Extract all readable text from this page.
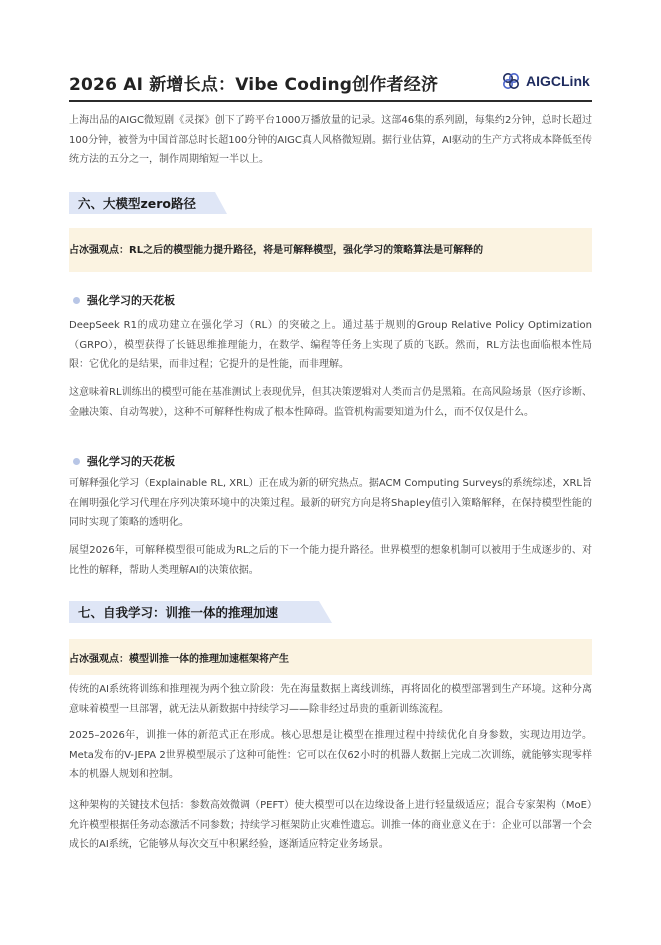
2026 AI 新增长点：Vibe Coding创作者经济	AIGCLink

上海出品的AIGC微短剧《灵探》创下了跨平台1000万播放量的记录。这部46集的系列剧，每集约2分钟，总时长超过100分钟，被誉为中国首部总时长超100分钟的AIGC真人风格微短剧。据行业估算，AI驱动的生产方式将成本降低至传统方法的五分之一，制作周期缩短一半以上。

六、大模型zero路径
占冰强观点：RL之后的模型能力提升路径，将是可解释模型，强化学习的策略算法是可解释的
强化学习的天花板

DeepSeek R1的成功建立在强化学习（RL）的突破之上。通过基于规则的Group Relative Policy Optimization（GRPO），模型获得了长链思维推理能力，在数学、编程等任务上实现了质的飞跃。然而，RL方法也面临根本性局限：它优化的是结果，而非过程；它提升的是性能，而非理解。

这意味着RL训练出的模型可能在基准测试上表现优异，但其决策逻辑对人类而言仍是黑箱。在高风险场景（医疗诊断、金融决策、自动驾驶），这种不可解释性构成了根本性障碍。监管机构需要知道为什么，而不仅仅是什么。

强化学习的天花板

可解释强化学习（Explainable RL, XRL）正在成为新的研究热点。据ACM Computing Surveys的系统综述，XRL旨在阐明强化学习代理在序列决策环境中的决策过程。最新的研究方向是将Shapley值引入策略解释，在保持模型性能的同时实现了策略的透明化。

展望2026年，可解释模型很可能成为RL之后的下一个能力提升路径。世界模型的想象机制可以被用于生成逐步的、对比性的解释，帮助人类理解AI的决策依据。

七、自我学习：训推一体的推理加速
占冰强观点：模型训推一体的推理加速框架将产生

传统的AI系统将训练和推理视为两个独立阶段：先在海量数据上离线训练，再将固化的模型部署到生产环境。这种分离意味着模型一旦部署，就无法从新数据中持续学习——除非经过昂贵的重新训练流程。

2025–2026年，训推一体的新范式正在形成。核心思想是让模型在推理过程中持续优化自身参数，实现边用边学。Meta发布的V-JEPA 2世界模型展示了这种可能性：它可以在仅62小时的机器人数据上完成二次训练，就能够实现零样本的机器人规划和控制。

这种架构的关键技术包括：参数高效微调（PEFT）使大模型可以在边缘设备上进行轻量级适应；混合专家架构（MoE）允许模型根据任务动态激活不同参数；持续学习框架防止灾难性遗忘。训推一体的商业意义在于：企业可以部署一个会成长的AI系统，它能够从每次交互中积累经验，逐渐适应特定业务场景。
